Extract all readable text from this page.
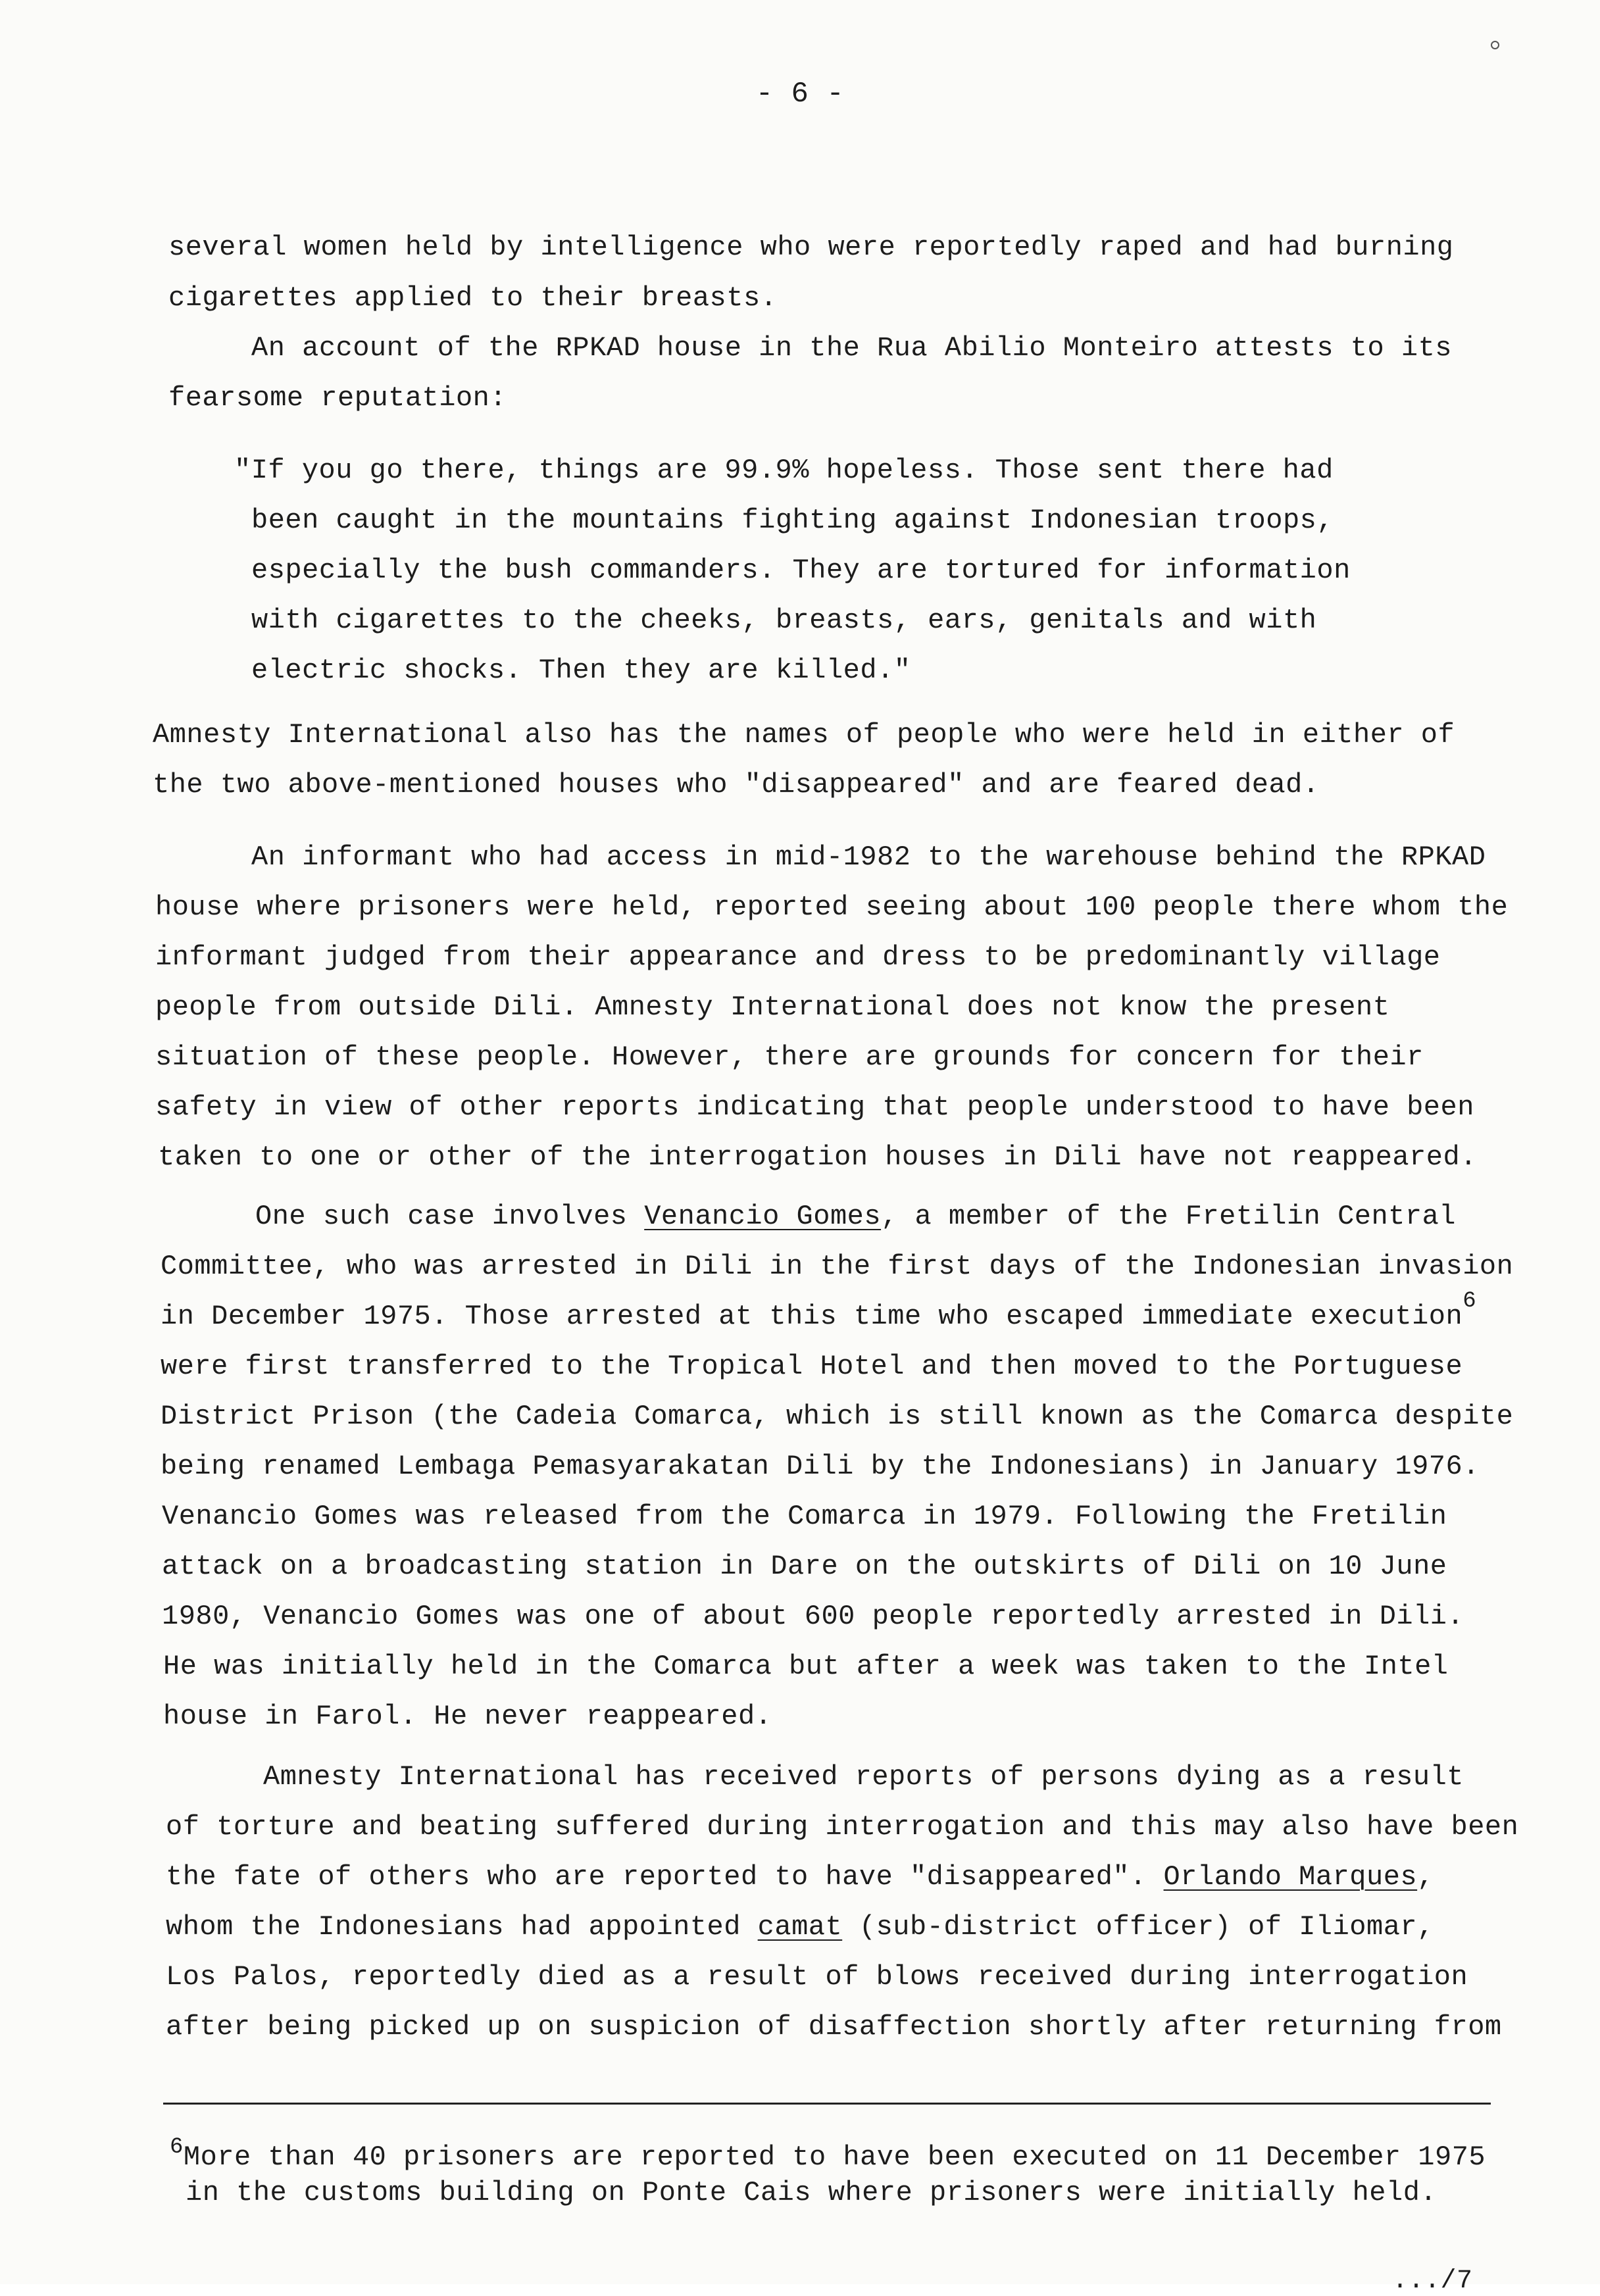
- 6 -
several women held by intelligence who were reportedly raped and had burning
cigarettes applied to their breasts.
An account of the RPKAD house in the Rua Abilio Monteiro attests to its
fearsome reputation:
"If you go there, things are 99.9% hopeless. Those sent there had
been caught in the mountains fighting against Indonesian troops,
especially the bush commanders. They are tortured for information
with cigarettes to the cheeks, breasts, ears, genitals and with
electric shocks. Then they are killed."
Amnesty International also has the names of people who were held in either of
the two above-mentioned houses who "disappeared" and are feared dead.
An informant who had access in mid-1982 to the warehouse behind the RPKAD
house where prisoners were held, reported seeing about 100 people there whom the
informant judged from their appearance and dress to be predominantly village
people from outside Dili. Amnesty International does not know the present
situation of these people. However, there are grounds for concern for their
safety in view of other reports indicating that people understood to have been
taken to one or other of the interrogation houses in Dili have not reappeared.
One such case involves Venancio Gomes, a member of the Fretilin Central
Committee, who was arrested in Dili in the first days of the Indonesian invasion
in December 1975. Those arrested at this time who escaped immediate execution$^6$
were first transferred to the Tropical Hotel and then moved to the Portuguese
District Prison (the Cadeia Comarca, which is still known as the Comarca despite
being renamed Lembaga Pemasyarakatan Dili by the Indonesians) in January 1976.
Venancio Gomes was released from the Comarca in 1979. Following the Fretilin
attack on a broadcasting station in Dare on the outskirts of Dili on 10 June
1980, Venancio Gomes was one of about 600 people reportedly arrested in Dili.
He was initially held in the Comarca but after a week was taken to the Intel
house in Farol. He never reappeared.
Amnesty International has received reports of persons dying as a result
of torture and beating suffered during interrogation and this may also have been
the fate of others who are reported to have "disappeared". Orlando Marques,
whom the Indonesians had appointed camat (sub-district officer) of Iliomar,
Los Palos, reportedly died as a result of blows received during interrogation
after being picked up on suspicion of disaffection shortly after returning from
$^6$More than 40 prisoners are reported to have been executed on 11 December 1975
in the customs building on Ponte Cais where prisoners were initially held.
.../7
